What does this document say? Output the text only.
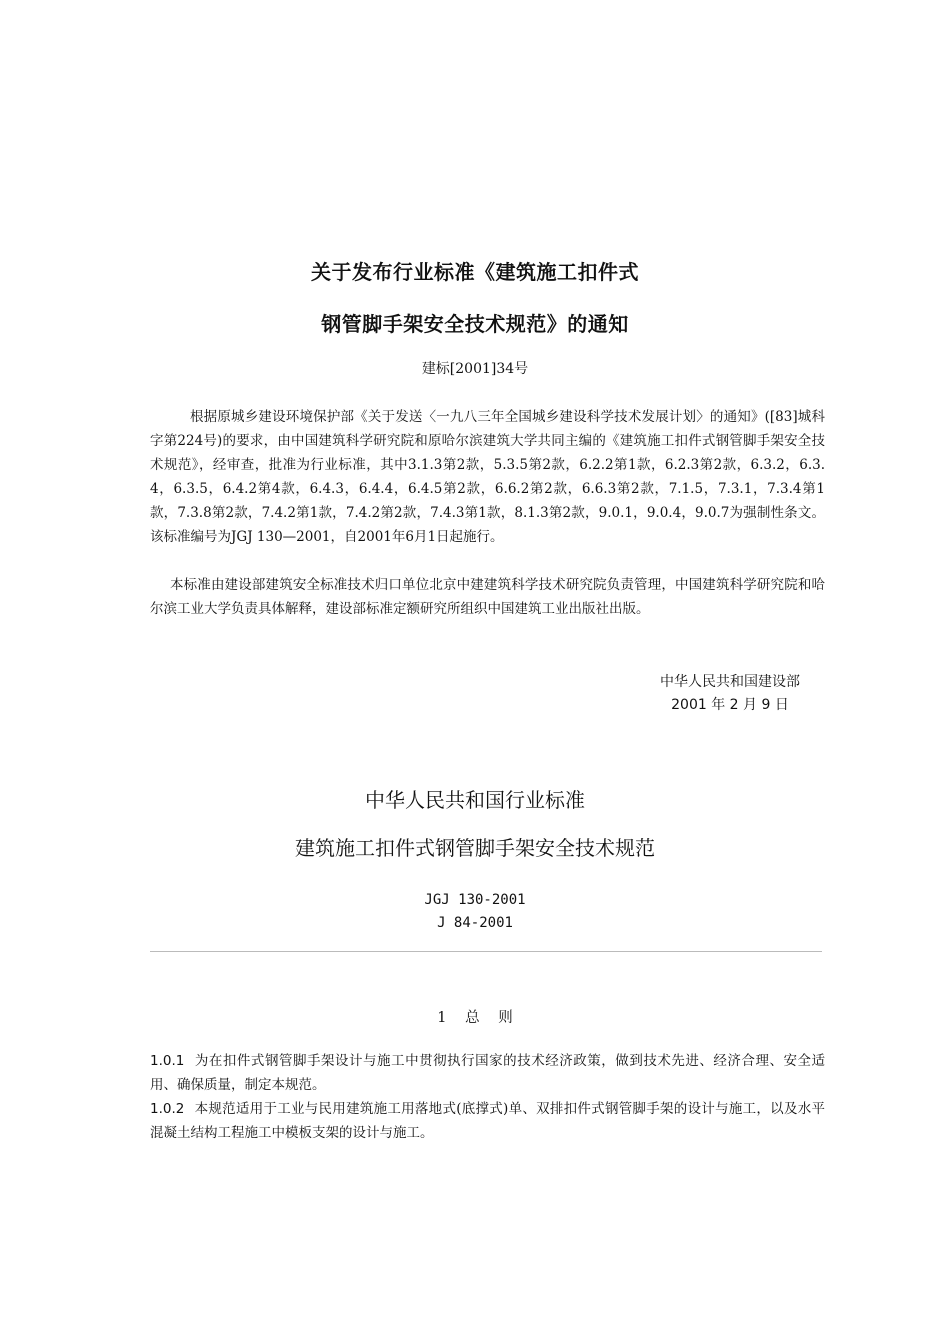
关于发布行业标准《建筑施工扣件式
钢管脚手架安全技术规范》的通知
建标[2001]34号
根据原城乡建设环境保护部《关于发送〈一九八三年全国城乡建设科学技术发展计划〉的通知》([83]城科字第224号)的要求，由中国建筑科学研究院和原哈尔滨建筑大学共同主编的《建筑施工扣件式钢管脚手架安全技术规范》，经审查，批准为行业标准，其中3.1.3第2款，5.3.5第2款，6.2.2第1款，6.2.3第2款，6.3.2，6.3.4，6.3.5，6.4.2第4款，6.4.3，6.4.4，6.4.5第2款，6.6.2第2款，6.6.3第2款，7.1.5，7.3.1，7.3.4第1款，7.3.8第2款，7.4.2第1款，7.4.2第2款，7.4.3第1款，8.1.3第2款，9.0.1，9.0.4，9.0.7为强制性条文。该标准编号为JGJ 130—2001，自2001年6月1日起施行。
本标准由建设部建筑安全标准技术归口单位北京中建建筑科学技术研究院负责管理，中国建筑科学研究院和哈尔滨工业大学负责具体解释，建设部标准定额研究所组织中国建筑工业出版社出版。
中华人民共和国建设部
2001 年 2 月 9 日
中华人民共和国行业标准
建筑施工扣件式钢管脚手架安全技术规范
JGJ 130-2001
J 84-2001
1 总 则
1.0.1 为在扣件式钢管脚手架设计与施工中贯彻执行国家的技术经济政策，做到技术先进、经济合理、安全适用、确保质量，制定本规范。
1.0.2 本规范适用于工业与民用建筑施工用落地式(底撑式)单、双排扣件式钢管脚手架的设计与施工，以及水平混凝土结构工程施工中模板支架的设计与施工。
